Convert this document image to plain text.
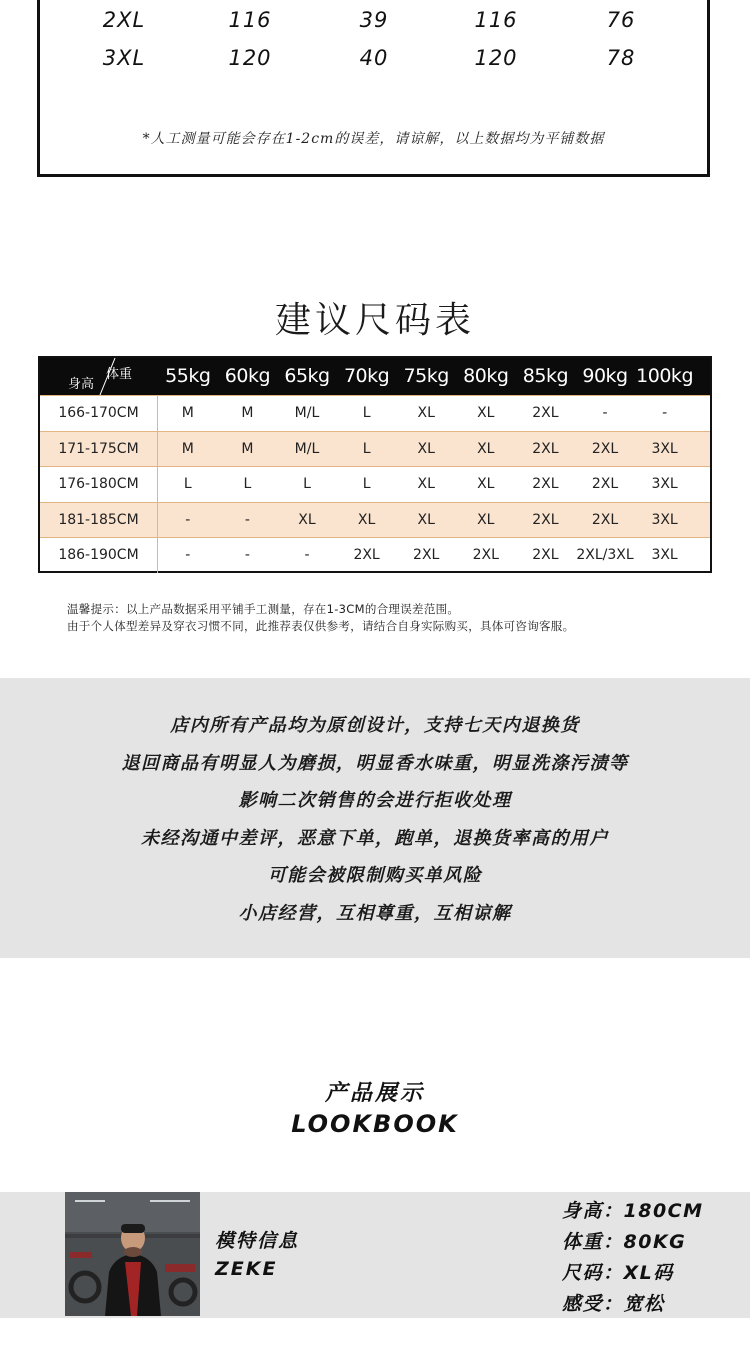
2XL	116	39	116	76
3XL	120	40	120	78
*人工测量可能会存在1-2cm的误差，请谅解，以上数据均为平铺数据
建议尺码表
身高
体重	55kg 60kg 65kg 70kg 75kg 80kg 85kg 90kg 100kg
166-170CM	M	M	M/L	L	XL	XL	2XL	-	-
171-175CM	M	M	M/L	L	XL	XL	2XL	2XL	3XL
176-180CM	L	L	L	L	XL	XL	2XL	2XL	3XL
181-185CM	-	-	XL	XL	XL	XL	2XL	2XL	3XL
186-190CM	-	-	-	2XL	2XL	2XL	2XL	2XL/3XL	3XL
温馨提示：以上产品数据采用平铺手工测量，存在1-3CM的合理误差范围。
由于个人体型差异及穿衣习惯不同，此推荐表仅供参考，请结合自身实际购买，具体可咨询客服。

店内所有产品均为原创设计，支持七天内退换货

退回商品有明显人为磨损，明显香水味重，明显洗涤污渍等

影响二次销售的会进行拒收处理

未经沟通中差评，恶意下单，跑单，退换货率高的用户

可能会被限制购买单风险

小店经营，互相尊重，互相谅解

产品展示
LOOKBOOK
模特信息
ZEKE
身高：180CM
体重：80KG
尺码：XL码
感受：宽松
